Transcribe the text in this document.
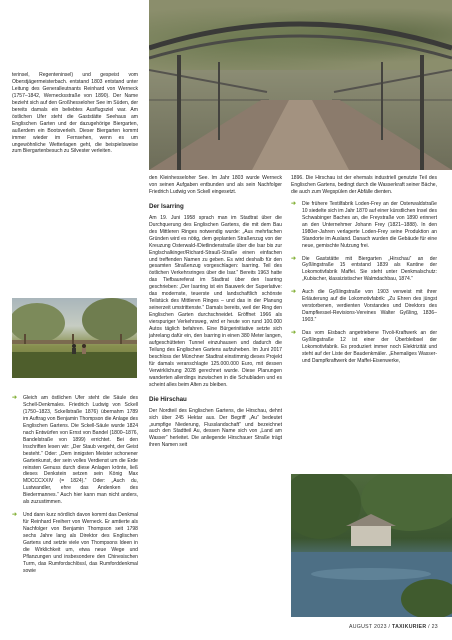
terinsel, Regenteninsel) und gespeist vom Oberstjägermeisterbach. entstand 1803 entstand unter Leitung des Generalleutnants Reinhard von Werneck (1757–1842, Wernecksstraße von 1890). Der Name bezieht sich auf den Großhesseloher See im Süden, der bereits damals ein beliebtes Ausflugsziel war. Am östlichen Ufer steht die Gaststätte Seehaus am Englischen Garten und der dazugehörige Biergarten, außerdem ein Bootsverleih. Dieser Biergarten kommt immer wieder im Fernsehen, wenn es um ungewöhnliche Wetterlagen geht, die beispielsweise zum Biergartenbesuch zu Silvester verleiten.

➜ Gleich am östlichen Ufer steht die Säule des Schell-Denkmales. Friedrich Ludwig von Sckell (1750–1823, Sckellstraße 1876) übernahm 1789 im Auftrag von Benjamin Thompson die Anlage des Englischen Gartens. Die Sckell-Säule wurde 1824 nach Entwürfen von Ernst von Bandel (1800–1876, Bandelstraße von 1899) errichtet. Bei den Inschriften lesen wir: „Der Staub vergeht, der Geist besteht.“ Oder: „Dem innigsten Meister schonener Gartenkunst, der sein volles Verdienst um die Erde reinsten Genuss durch diese Anlagen krönte, ließ dieses Denkstein setzen sein König Max MDCCCXXIV (= 1824).“ Oder: „Auch du, Lustwandler, ehre das Andenken des Biedermannes.“ Auch hier kann man nicht anders, als zuzustimmen.
➜ Und dann kurz nördlich davon kommt das Denkmal für Reinhard Freiherr von Werneck. Er amtierte als Nachfolger von Benjamin Thompson seit 1798 sechs Jahre lang als Direktor des Englischen Gartens und setzte viele von Thompsons Ideen in die Wirklichkeit um, etwa neue Wege und Pflanzungen und insbesondere den Chinesischen Turm, das Rumfordschlössl, das Rumforddenkmal sowie

den Kleinhesseloher See. Im Jahr 1803 wurde Werneck von seinen Aufgaben entbunden und als sein Nachfolger Friedrich Ludwig von Sckell eingesetzt.

Der Isarring

Am 19. Juni 1958 sprach man im Stadtrat über die Durchquerung des Englischen Gartens, die mit dem Bau des Mittleren Ringes notwendig wurde: „Aus mehrfachen Gründen wird es nötig, dem geplanten Straßenzug von der Kreuzung Osterwald-/Dietlindenstraße über die Isar bis zur Englschalkinger/Richard-Strauß-Straße einen einfachen und treffenden Namen zu geben. Es wird deshalb für den gesamten Straßenzug vorgeschlagen: Isarring. Teil des östlichen Verkehrsringes über die Isar.“ Bereits 1963 hatte das Tiefbaureferat im Stadtrat über den Isarring geschrieben: „Der Isarring ist ein Bauwerk der Superlative: das modernste, teuerste und landschaftlich schönste Teilstück des Mittleren Ringes – und das in der Planung seinerzeit umstrittenste.“ Damals bereits, weil der Ring den Englischen Garten durchschneidet. Eröffnet 1966 als vierspuriger Verkehrsweg, wird er heute von rund 100.000 Autos täglich befahren. Eine Bürgerinitiative setzte sich jahrelang dafür ein, den Isarring in einen 380 Meter langen, aufgeschütteten Tunnel einzuhausen und dadurch die Teilung des Englischen Gartens aufzuheben. Im Juni 2017 beschloss der Münchner Stadtrat einstimmig dieses Projekt für damals veranschlagte 125.000.000 Euro, mit dessen Verwirklichung 2028 gerechnet wurde. Diese Planungen wanderten allerdings inzwischen in die Schubladen und es scheint alles beim Alten zu bleiben.

Die Hirschau

Der Nordteil des Englischen Gartens, die Hirschau, dehnt sich über 245 Hektar aus. Der Begriff „Au“ bedeutet „sumpfige Niederung, Flusslandschaft“ und bezeichnet auch den Stadtteil Au, dessen Name sich von „Land am Wasser“ herleitet. Die anliegende Hirschauer Straße trägt ihren Namen seit

1896. Die Hirschau ist der ehemals industriell genutzte Teil des Englischen Gartens, bedingt durch die Wasserkraft seiner Bäche, die auch zum Wegspülen der Abfälle dienten.

➜ Die frühere Textilfabrik Loden-Frey an der Osterwaldstraße 10 siedelte sich im Jahr 1870 auf einer künstlichen Insel des Schwabinger Baches an, die Freystraße von 1890 erinnert an den Unternehmer Johann Frey (1821–1888). In den 1980er-Jahren verlagerte Loden-Frey seine Produktion an Standorte im Ausland. Danach wurden die Gebäude für eine neue, gemischte Nutzung frei.
➜ Die Gaststätte mit Biergarten „Hirschau“ an der Gyßlingstraße 15 entstand 1839 als Kantine der Lokomotivfabrik Maffei. Sie steht unter Denkmalschutz: „Kubischer, klassizistischer Walmdachbau, 1874.“
➜ Auch die Gyßlingstraße von 1903 verweist mit ihrer Erläuterung auf die Lokomotivfabrik: „Zu Ehren des jüngst verstorbenen, verdienten Vorstandes und Direktors des Dampfkessel-Revisions-Vereines Walter Gyßling, 1836–1903.“
➜ Das vom Eisbach angetriebene Tivoli-Kraftwerk an der Gyßlingstraße 12 ist einer der Überbleibsel der Lokomotivfabrik. Es produziert immer noch Elektrizität und steht auf der Liste der Baudenkmäler. „Ehemaliges Wasser- und Dampfkraftwerk der Maffei-Eisenwerke,
AUGUST 2023 / TAXIKURIER / 23
